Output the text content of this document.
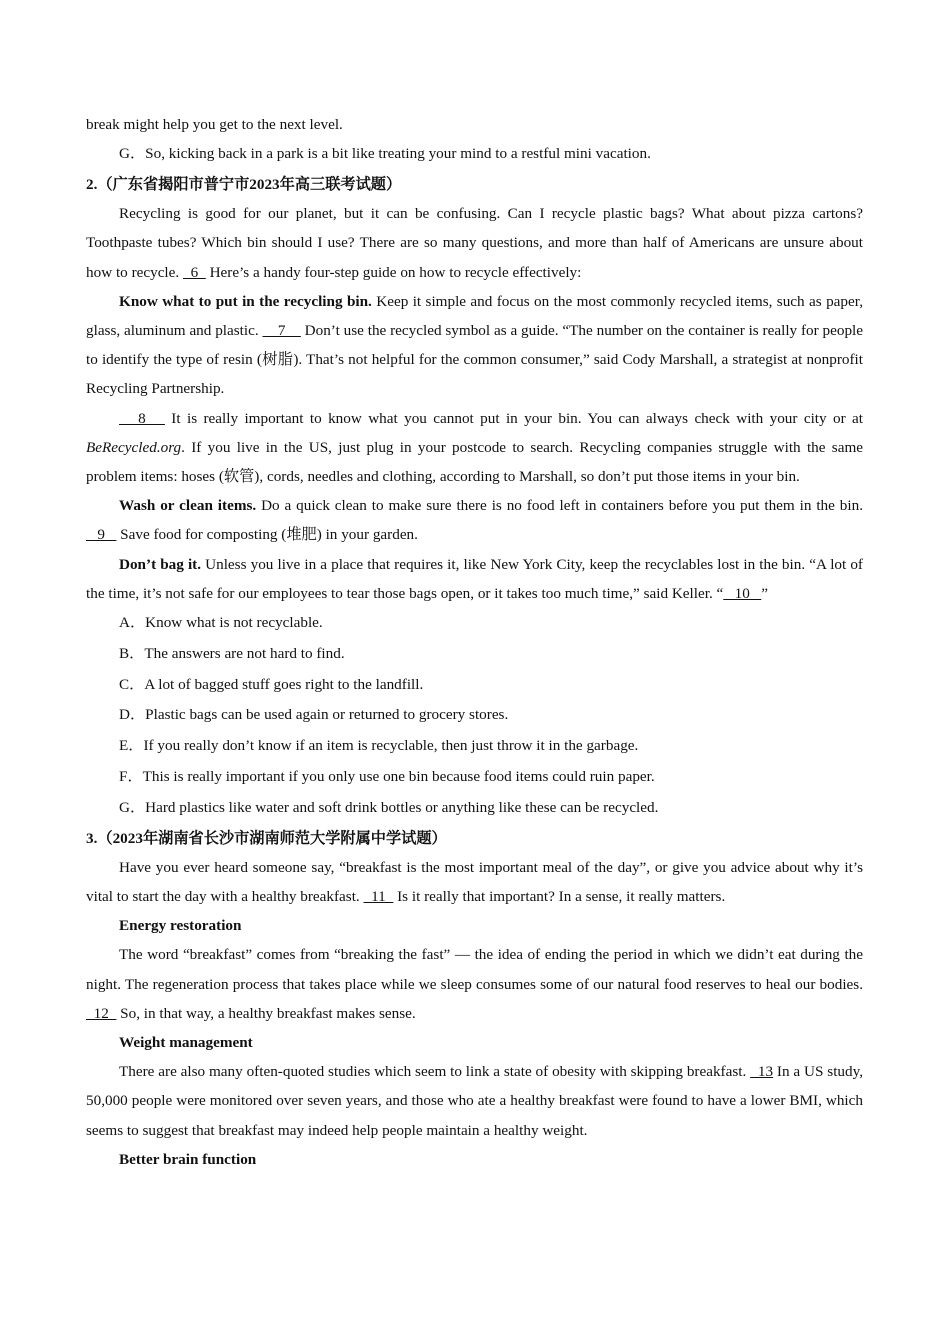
break might help you get to the next level.

G．So, kicking back in a park is a bit like treating your mind to a restful mini vacation.

2.（广东省揭阳市普宁市2023年高三联考试题）

Recycling is good for our planet, but it can be confusing. Can I recycle plastic bags? What about pizza cartons? Toothpaste tubes? Which bin should I use? There are so many questions, and more than half of Americans are unsure about how to recycle.   6   Here’s a handy four-step guide on how to recycle effectively:

Know what to put in the recycling bin. Keep it simple and focus on the most commonly recycled items, such as paper, glass, aluminum and plastic.     7     Don’t use the recycled symbol as a guide. “The number on the container is really for people to identify the type of resin (树脂). That’s not helpful for the common consumer,” said Cody Marshall, a strategist at nonprofit Recycling Partnership.

8    It is really important to know what you cannot put in your bin. You can always check with your city or at BeRecycled.org. If you live in the US, just plug in your postcode to search. Recycling companies struggle with the same problem items: hoses (软管), cords, needles and clothing, according to Marshall, so don’t put those items in your bin.

Wash or clean items. Do a quick clean to make sure there is no food left in containers before you put them in the bin.    9    Save food for composting (堆肥) in your garden.

Don’t bag it. Unless you live in a place that requires it, like New York City, keep the recyclables lost in the bin. “A lot of the time, it’s not safe for our employees to tear those bags open, or it takes too much time,” said Keller. “   10   ”

A．Know what is not recyclable.

B．The answers are not hard to find.

C．A lot of bagged stuff goes right to the landfill.

D．Plastic bags can be used again or returned to grocery stores.

E．If you really don’t know if an item is recyclable, then just throw it in the garbage.

F．This is really important if you only use one bin because food items could ruin paper.

G．Hard plastics like water and soft drink bottles or anything like these can be recycled.

3.（2023年湖南省长沙市湖南师范大学附属中学试题）

Have you ever heard someone say, “breakfast is the most important meal of the day”, or give you advice about why it’s vital to start the day with a healthy breakfast.   11   Is it really that important? In a sense, it really matters.

Energy restoration

The word “breakfast” comes from “breaking the fast” — the idea of ending the period in which we didn’t eat during the night. The regeneration process that takes place while we sleep consumes some of our natural food reserves to heal our bodies.   12   So, in that way, a healthy breakfast makes sense.

Weight management

There are also many often-quoted studies which seem to link a state of obesity with skipping breakfast.   13 In a US study, 50,000 people were monitored over seven years, and those who ate a healthy breakfast were found to have a lower BMI, which seems to suggest that breakfast may indeed help people maintain a healthy weight.

Better brain function
